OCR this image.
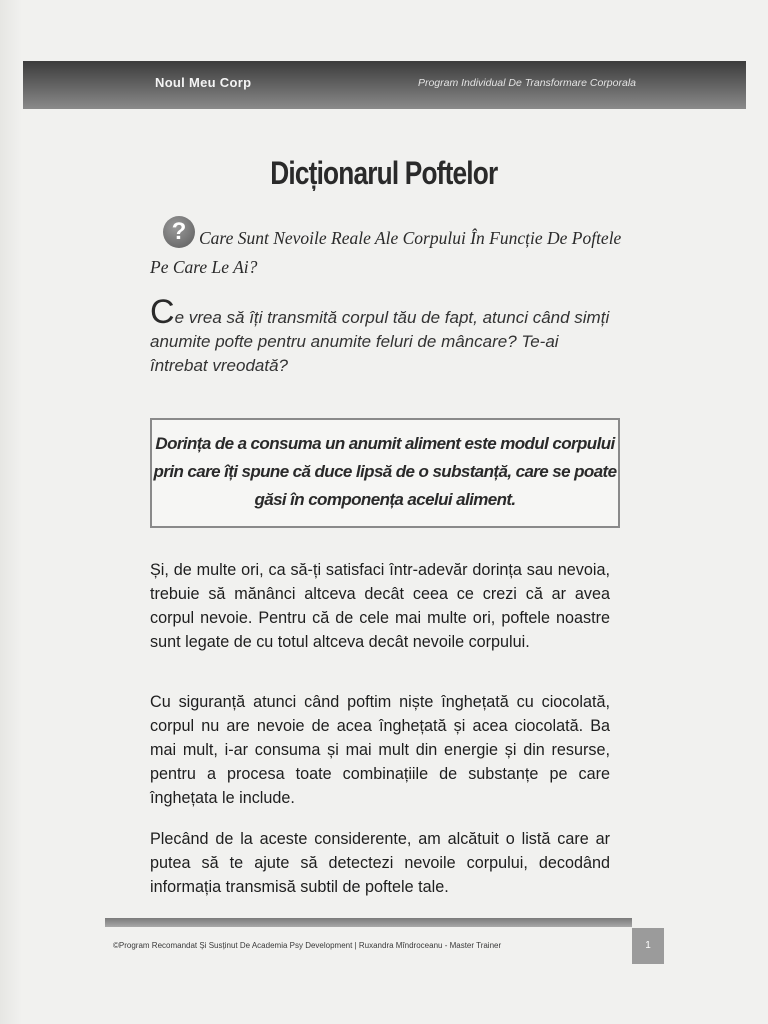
Noul Meu Corp	Program Individual De Transformare Corporala
Dicționarul Poftelor
Care Sunt Nevoile Reale Ale Corpului În Funcție De Poftele Pe Care Le Ai?
?
Ce vrea să îți transmită corpul tău de fapt, atunci când simți anumite pofte pentru anumite feluri de mâncare? Te-ai întrebat vreodată?
Dorința de a consuma un anumit aliment este modul corpului prin care îți spune că duce lipsă de o substanță, care se poate găsi în componența acelui aliment.
Și, de multe ori, ca să-ți satisfaci într-adevăr dorința sau nevoia, trebuie să mănânci altceva decât ceea ce crezi că ar avea corpul nevoie. Pentru că de cele mai multe ori, poftele noastre sunt legate de cu totul altceva decât nevoile corpului.
Cu siguranță atunci când poftim niște înghețată cu ciocolată, corpul nu are nevoie de acea înghețată și acea ciocolată. Ba mai mult, i-ar consuma și mai mult din energie și din resurse, pentru a procesa toate combinațiile de substanțe pe care înghețata le include.
Plecând de la aceste considerente, am alcătuit o listă care ar putea să te ajute să detectezi nevoile corpului, decodând informația transmisă subtil de poftele tale.
©Program Recomandat Și Susținut De Academia Psy Development | Ruxandra Mîndroceanu - Master Trainer	1
